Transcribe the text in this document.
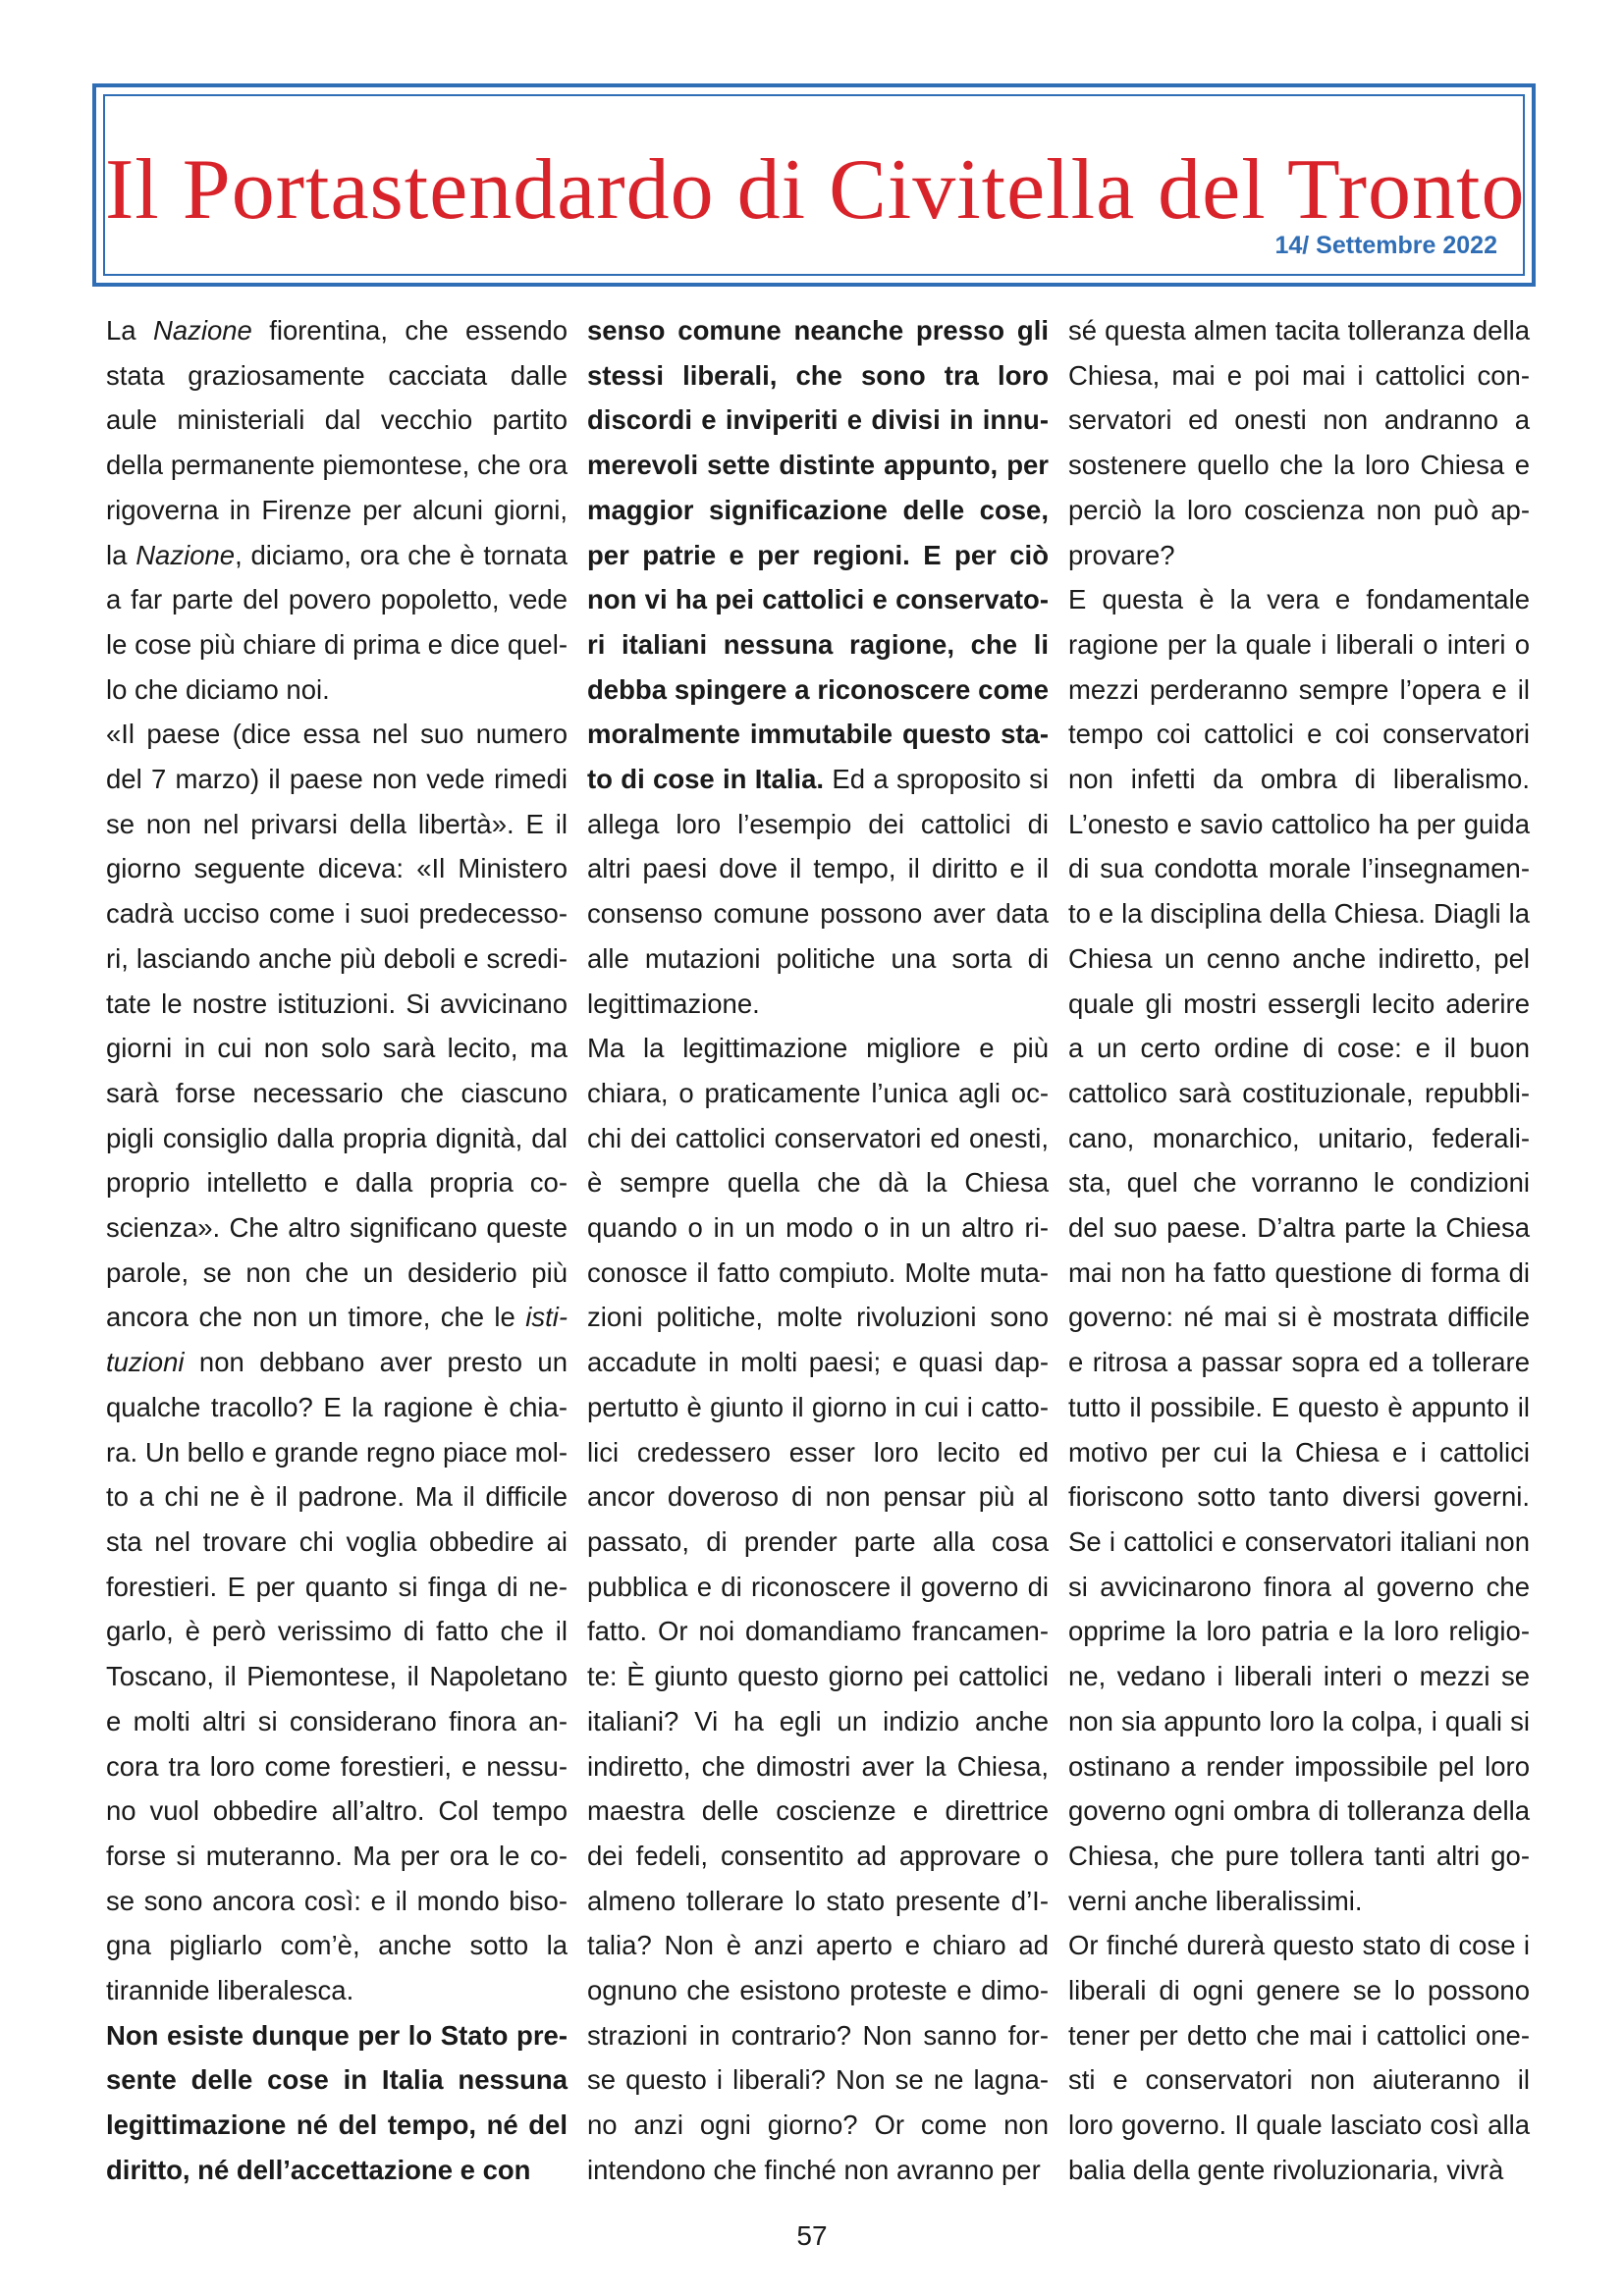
Il Portastendardo di Civitella del Tronto
14/ Settembre 2022

La Nazione fiorentina, che essendo stata graziosamente cacciata dalle aule ministeriali dal vecchio partito della permanente piemontese, che ora rigoverna in Firenze per alcuni giorni, la Nazione, diciamo, ora che è tornata a far parte del povero popoletto, vede le cose più chiare di prima e dice quello che diciamo noi.

«Il paese (dice essa nel suo numero del 7 marzo) il paese non vede rimedi se non nel privarsi della libertà». E il giorno seguente diceva: «Il Ministero cadrà ucciso come i suoi predecessori, lasciando anche più deboli e screditate le nostre istituzioni. Si avvicinano giorni in cui non solo sarà lecito, ma sarà forse necessario che ciascuno pigli consiglio dalla propria dignità, dal proprio intelletto e dalla propria coscienza». Che altro significano queste parole, se non che un desiderio più ancora che non un timore, che le istituzioni non debbano aver presto un qualche tracollo? E la ragione è chiara. Un bello e grande regno piace molto a chi ne è il padrone. Ma il difficile sta nel trovare chi voglia obbedire ai forestieri. E per quanto si finga di negarlo, è però verissimo di fatto che il Toscano, il Piemontese, il Napoletano e molti altri si considerano finora ancora tra loro come forestieri, e nessuno vuol obbedire all’altro. Col tempo forse si muteranno. Ma per ora le cose sono ancora così: e il mondo bisogna pigliarlo com’è, anche sotto la tirannide liberalesca.

Non esiste dunque per lo Stato presente delle cose in Italia nessuna legittimazione né del tempo, né del diritto, né dell’accettazione e con

senso comune neanche presso gli stessi liberali, che sono tra loro discordi e inviperiti e divisi in innumerevoli sette distinte appunto, per maggior significazione delle cose, per patrie e per regioni. E per ciò non vi ha pei cattolici e conservatori italiani nessuna ragione, che li debba spingere a riconoscere come moralmente immutabile questo stato di cose in Italia. Ed a sproposito si allega loro l’esempio dei cattolici di altri paesi dove il tempo, il diritto e il consenso comune possono aver data alle mutazioni politiche una sorta di legittimazione.

Ma la legittimazione migliore e più chiara, o praticamente l’unica agli occhi dei cattolici conservatori ed onesti, è sempre quella che dà la Chiesa quando o in un modo o in un altro riconosce il fatto compiuto. Molte mutazioni politiche, molte rivoluzioni sono accadute in molti paesi; e quasi dappertutto è giunto il giorno in cui i cattolici credessero esser loro lecito ed ancor doveroso di non pensar più al passato, di prender parte alla cosa pubblica e di riconoscere il governo di fatto. Or noi domandiamo francamente: È giunto questo giorno pei cattolici italiani? Vi ha egli un indizio anche indiretto, che dimostri aver la Chiesa, maestra delle coscienze e direttrice dei fedeli, consentito ad approvare o almeno tollerare lo stato presente d’Italia? Non è anzi aperto e chiaro ad ognuno che esistono proteste e dimostrazioni in contrario? Non sanno forse questo i liberali? Non se ne lagnano anzi ogni giorno? Or come non intendono che finché non avranno per

sé questa almen tacita tolleranza della Chiesa, mai e poi mai i cattolici conservatori ed onesti non andranno a sostenere quello che la loro Chiesa e perciò la loro coscienza non può approvare?

E questa è la vera e fondamentale ragione per la quale i liberali o interi o mezzi perderanno sempre l’opera e il tempo coi cattolici e coi conservatori non infetti da ombra di liberalismo. L’onesto e savio cattolico ha per guida di sua condotta morale l’insegnamento e la disciplina della Chiesa. Diagli la Chiesa un cenno anche indiretto, pel quale gli mostri essergli lecito aderire a un certo ordine di cose: e il buon cattolico sarà costituzionale, repubblicano, monarchico, unitario, federalista, quel che vorranno le condizioni del suo paese. D’altra parte la Chiesa mai non ha fatto questione di forma di governo: né mai si è mostrata difficile e ritrosa a passar sopra ed a tollerare tutto il possibile. E questo è appunto il motivo per cui la Chiesa e i cattolici fioriscono sotto tanto diversi governi. Se i cattolici e conservatori italiani non si avvicinarono finora al governo che opprime la loro patria e la loro religione, vedano i liberali interi o mezzi se non sia appunto loro la colpa, i quali si ostinano a render impossibile pel loro governo ogni ombra di tolleranza della Chiesa, che pure tollera tanti altri governi anche liberalissimi.

Or finché durerà questo stato di cose i liberali di ogni genere se lo possono tener per detto che mai i cattolici onesti e conservatori non aiuteranno il loro governo. Il quale lasciato così alla balia della gente rivoluzionaria, vivrà

57
